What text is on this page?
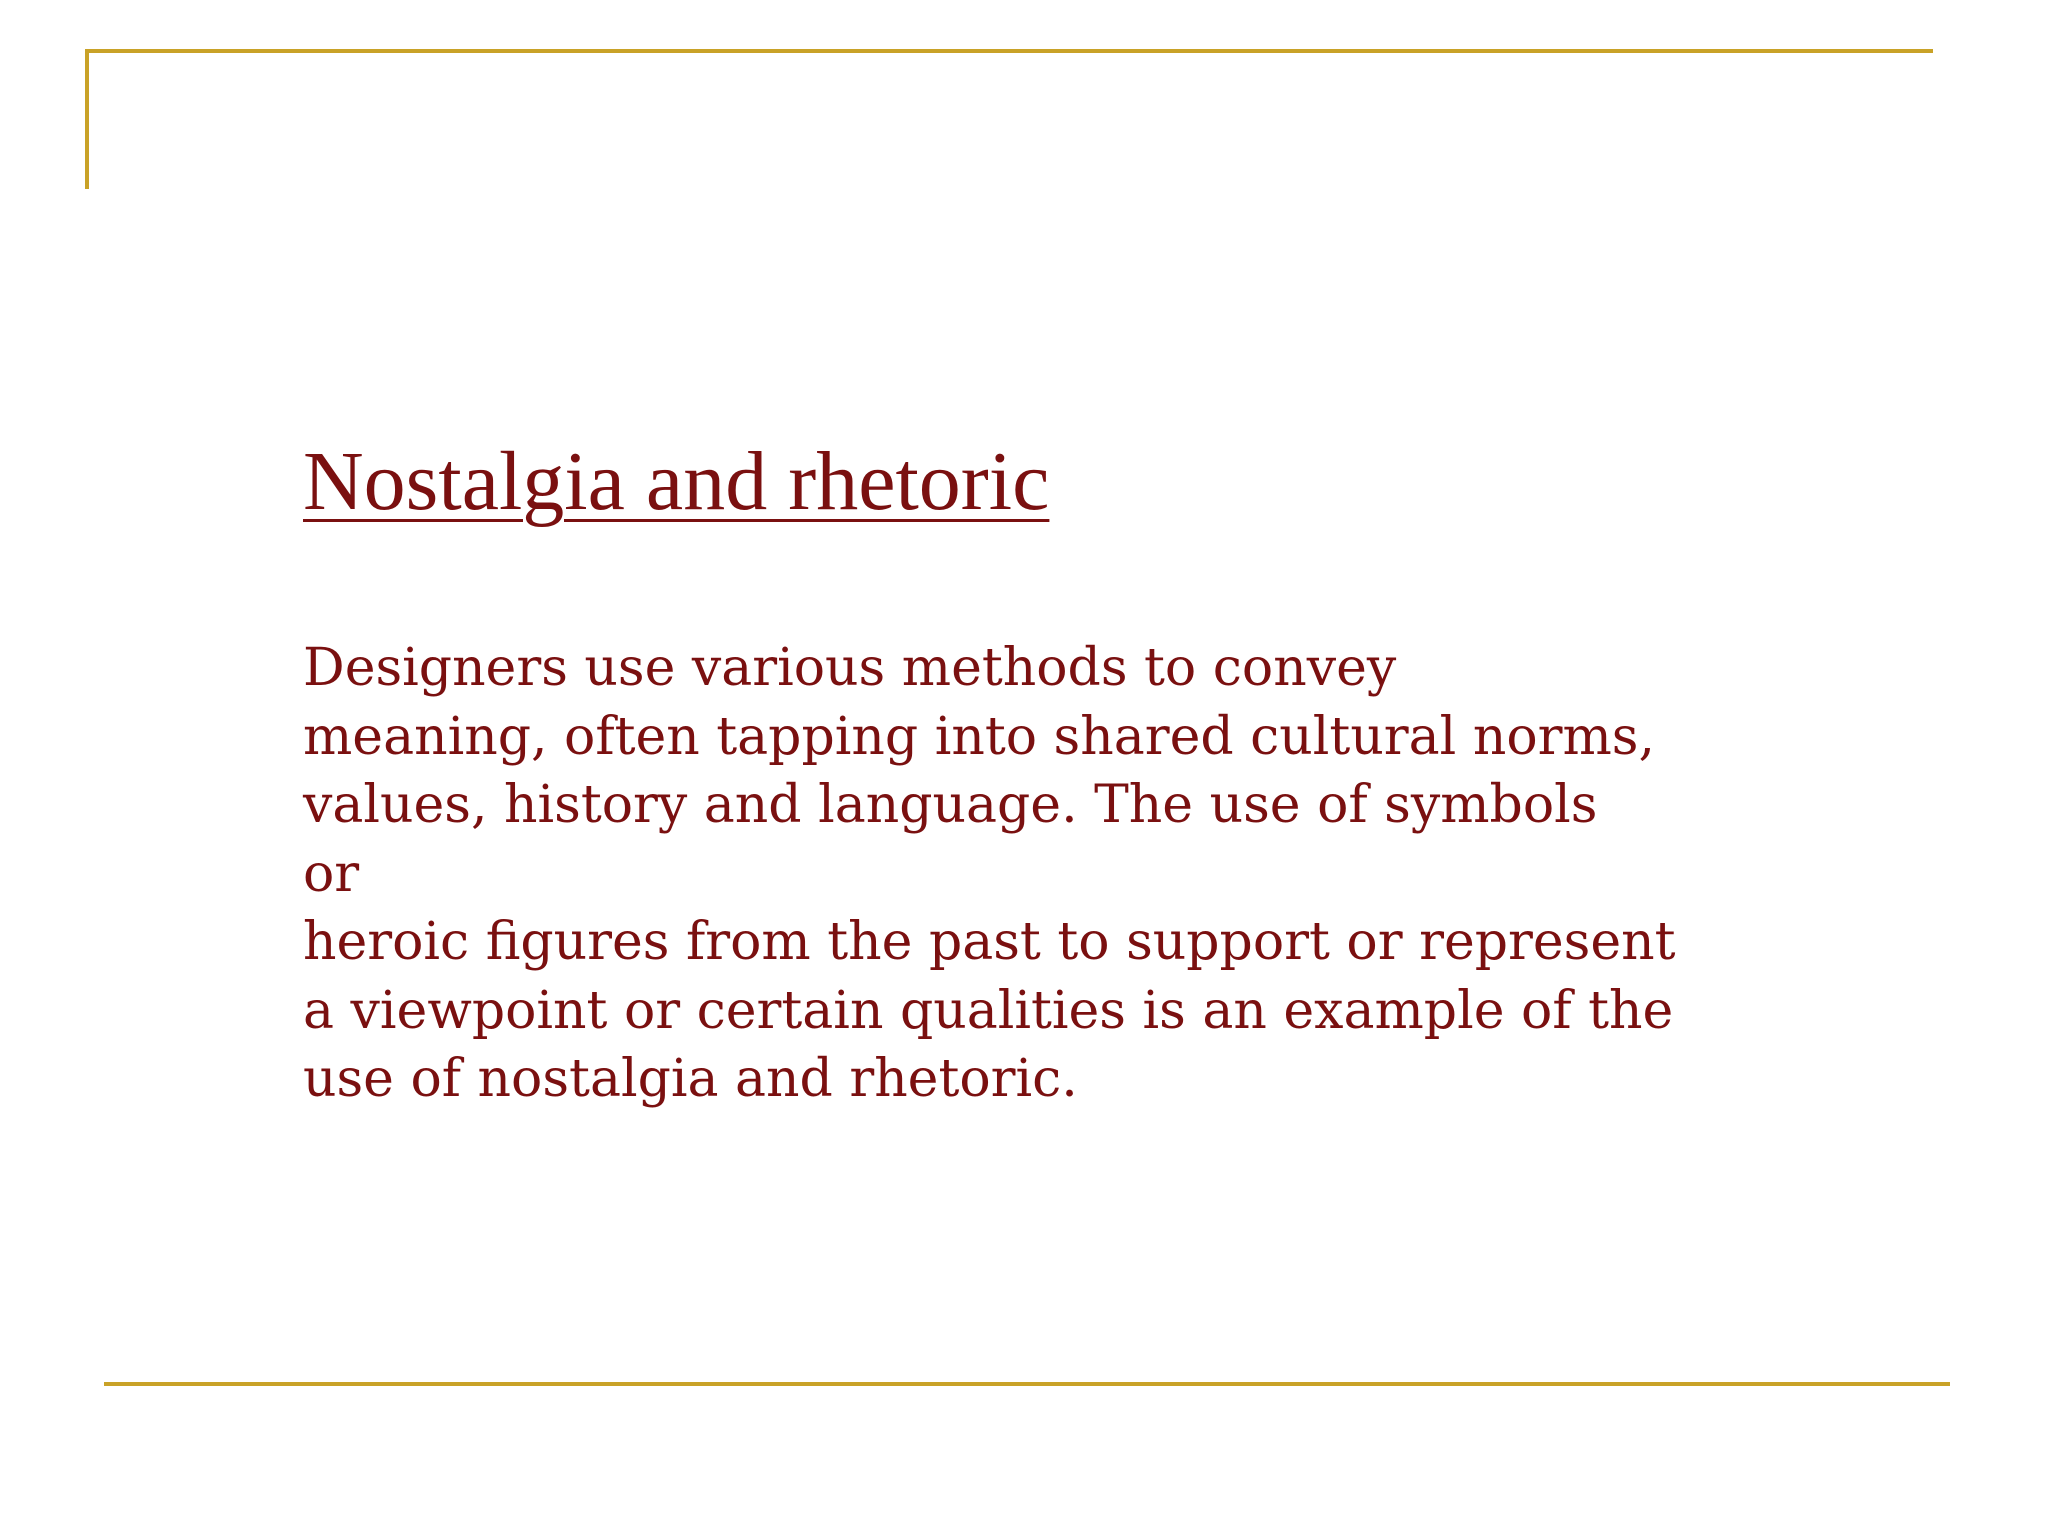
Nostalgia and rhetoric
Designers use various methods to convey
meaning, often tapping into shared cultural norms,
values, history and language. The use of symbols
or
heroic figures from the past to support or represent
a viewpoint or certain qualities is an example of the
use of nostalgia and rhetoric.
